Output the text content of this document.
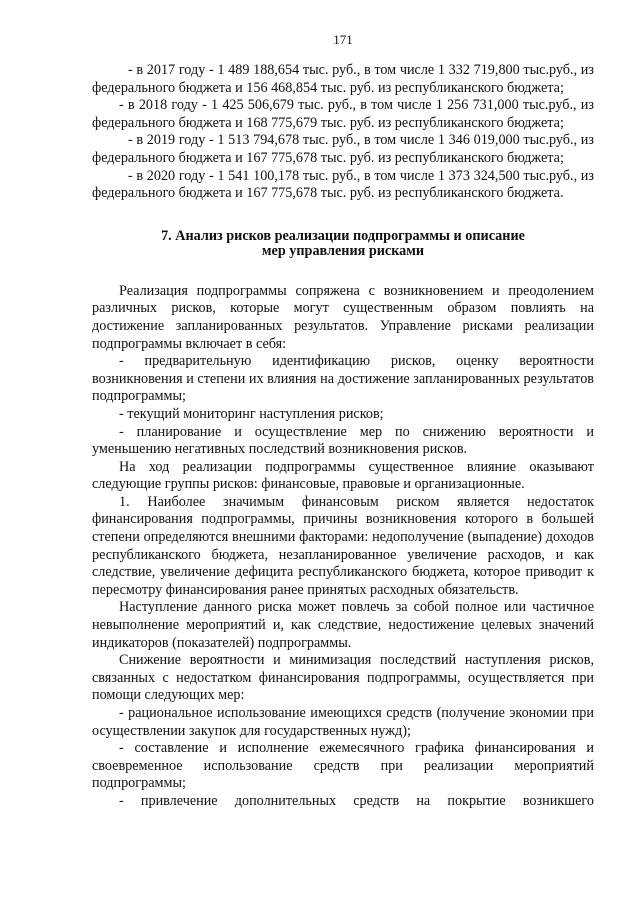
171

- в 2017 году - 1 489 188,654 тыс. руб., в том числе 1 332 719,800 тыс.руб., из федерального бюджета и 156 468,854 тыс. руб. из республиканского бюджета;

- в 2018 году - 1 425 506,679 тыс. руб., в том числе 1 256 731,000 тыс.руб., из федерального бюджета и 168 775,679 тыс. руб. из республиканского бюджета;

- в 2019 году - 1 513 794,678 тыс. руб., в том числе 1 346 019,000 тыс.руб., из федерального бюджета и 167 775,678 тыс. руб. из республиканского бюджета;

- в 2020 году - 1 541 100,178 тыс. руб., в том числе 1 373 324,500 тыс.руб., из федерального бюджета и 167 775,678 тыс. руб. из республиканского бюджета.

7. Анализ рисков реализации подпрограммы и описание
мер управления рисками

Реализация подпрограммы сопряжена с возникновением и преодолением различных рисков, которые могут существенным образом повлиять на достижение запланированных результатов. Управление рисками реализации подпрограммы включает в себя:

- предварительную идентификацию рисков, оценку вероятности возникновения и степени их влияния на достижение запланированных результатов подпрограммы;

- текущий мониторинг наступления рисков;

- планирование и осуществление мер по снижению вероятности и уменьшению негативных последствий возникновения рисков.

На ход реализации подпрограммы существенное влияние оказывают следующие группы рисков: финансовые, правовые и организационные.

1. Наиболее значимым финансовым риском является недостаток финансирования подпрограммы, причины возникновения которого в большей степени определяются внешними факторами: недополучение (выпадение) доходов республиканского бюджета, незапланированное увеличение расходов, и как следствие, увеличение дефицита республиканского бюджета, которое приводит к пересмотру финансирования ранее принятых расходных обязательств.

Наступление данного риска может повлечь за собой полное или частичное невыполнение мероприятий и, как следствие, недостижение целевых значений индикаторов (показателей) подпрограммы.

Снижение вероятности и минимизация последствий наступления рисков, связанных с недостатком финансирования подпрограммы, осуществляется при помощи следующих мер:

- рациональное использование имеющихся средств (получение экономии при осуществлении закупок для государственных нужд);

- составление и исполнение ежемесячного графика финансирования и своевременное использование средств при реализации мероприятий подпрограммы;

- привлечение дополнительных средств на покрытие возникшего
